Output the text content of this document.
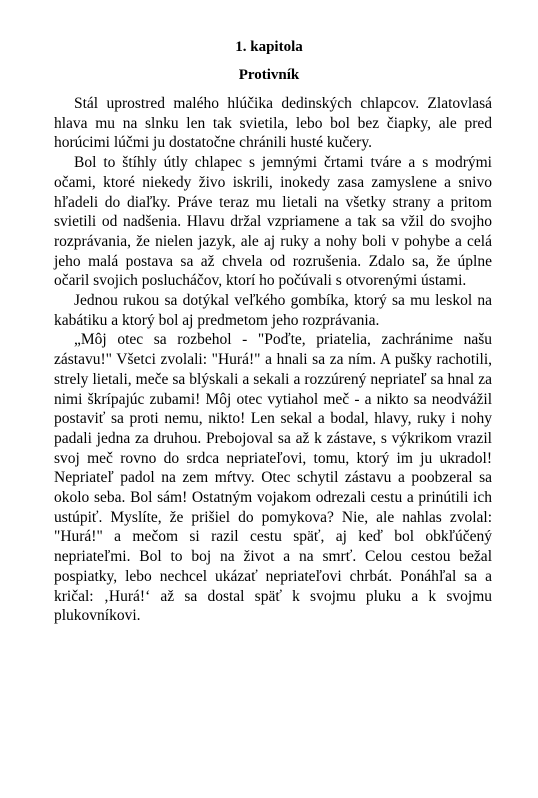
1. kapitola
Protivník

Stál uprostred malého hlúčika dedinských chlapcov. Zlatovlasá hlava mu na slnku len tak svietila, lebo bol bez čiapky, ale pred horúcimi lúčmi ju dostatočne chránili husté kučery.

Bol to štíhly útly chlapec s jemnými črtami tváre a s modrými očami, ktoré niekedy živo iskrili, inokedy zasa zamyslene a snivo hľadeli do diaľky. Práve teraz mu lietali na všetky strany a pritom svietili od nadšenia. Hlavu držal vzpriamene a tak sa vžil do svojho rozprávania, že nielen jazyk, ale aj ruky a nohy boli v pohybe a celá jeho malá postava sa až chvela od rozrušenia. Zdalo sa, že úplne očaril svojich poslucháčov, ktorí ho počúvali s otvorenými ústami.

Jednou rukou sa dotýkal veľkého gombíka, ktorý sa mu leskol na kabátiku a ktorý bol aj predmetom jeho rozprávania.

„Môj otec sa rozbehol - "Poďte, priatelia, zachránime našu zástavu!" Všetci zvolali: "Hurá!" a hnali sa za ním. A pušky rachotili, strely lietali, meče sa blýskali a sekali a rozzúrený nepriateľ sa hnal za nimi škrípajúc zubami! Môj otec vytiahol meč - a nikto sa neodvážil postaviť sa proti nemu, nikto! Len sekal a bodal, hlavy, ruky i nohy padali jedna za druhou. Prebojoval sa až k zástave, s výkrikom vrazil svoj meč rovno do srdca nepriateľovi, tomu, ktorý im ju ukradol! Nepriateľ padol na zem mŕtvy. Otec schytil zástavu a poobzeral sa okolo seba. Bol sám! Ostatným vojakom odrezali cestu a prinútili ich ustúpiť. Myslíte, že prišiel do pomykova? Nie, ale nahlas zvolal: "Hurá!" a mečom si razil cestu späť, aj keď bol obkľúčený nepriateľmi. Bol to boj na život a na smrť. Celou cestou bežal pospiatky, lebo nechcel ukázať nepriateľovi chrbát. Ponáhľal sa a kričal: ‚Hurá!‘ až sa dostal späť k svojmu pluku a k svojmu plukovníkovi.
